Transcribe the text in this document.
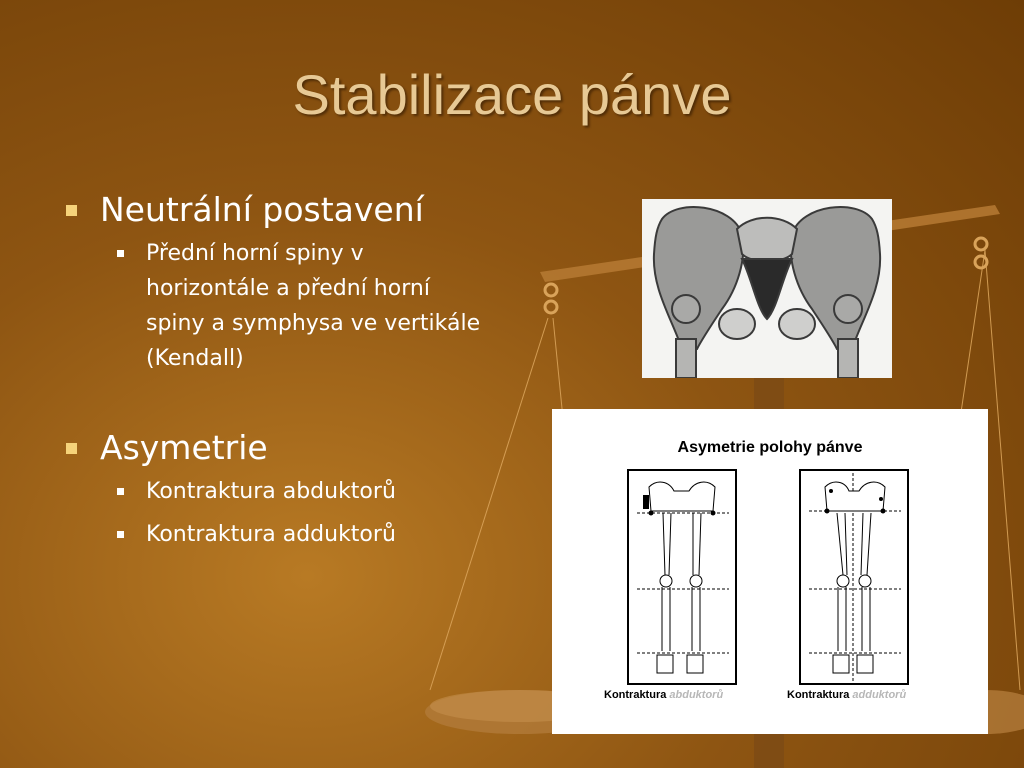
Stabilizace pánve
Neutrální postavení
Přední horní spiny v horizontále a přední horní spiny a symphysa ve vertikále (Kendall)
Asymetrie
Kontraktura abduktorů
Kontraktura adduktorů
Asymetrie polohy pánve
Kontraktura abduktorů	Kontraktura adduktorů
